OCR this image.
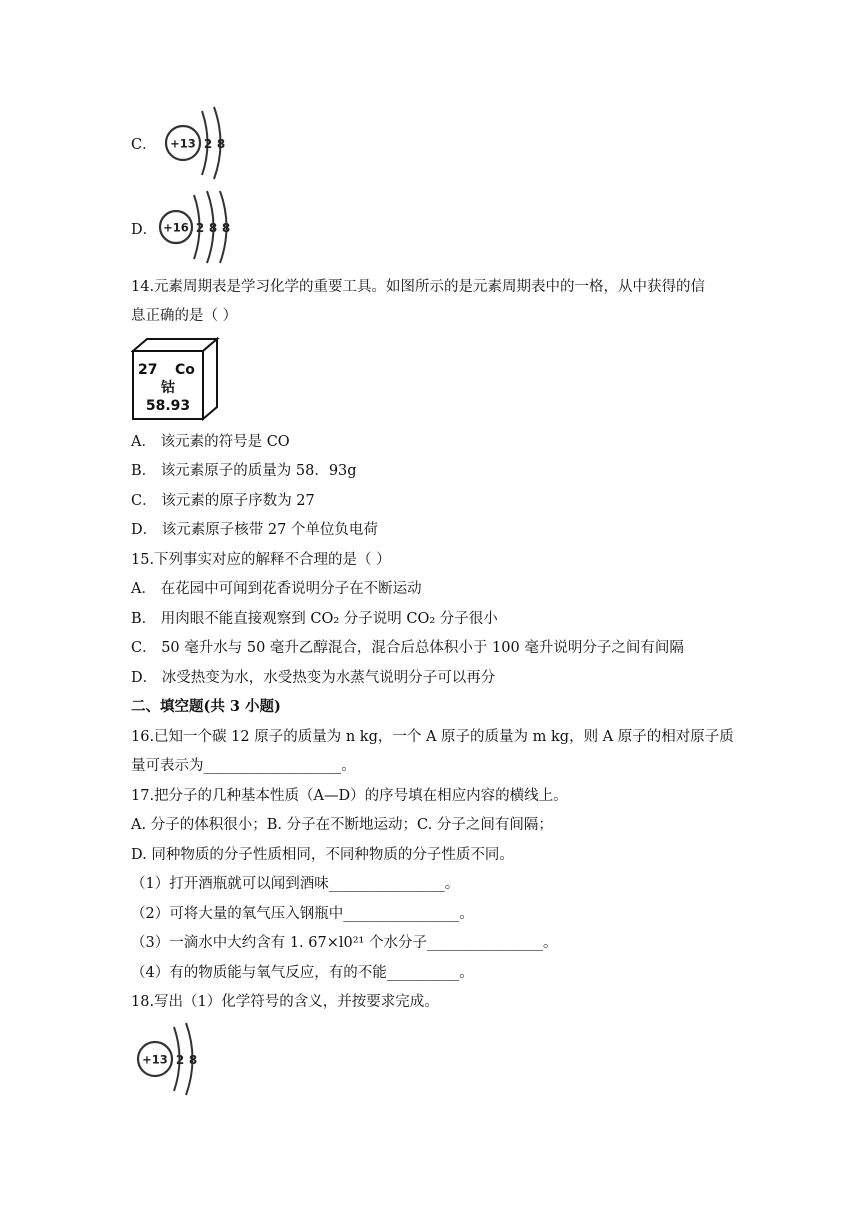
C． +13 2 8
D． +16 2 8 8
14.元素周期表是学习化学的重要工具。如图所示的是元素周期表中的一格，从中获得的信
息正确的是（ ）
27 Co
钴
58.93
A． 该元素的符号是 CO
B． 该元素原子的质量为 58．93g
C． 该元素的原子序数为 27
D． 该元素原子核带 27 个单位负电荷
15.下列事实对应的解释不合理的是（ ）
A． 在花园中可闻到花香说明分子在不断运动
B． 用肉眼不能直接观察到 CO₂ 分子说明 CO₂ 分子很小
C． 50 毫升水与 50 毫升乙醇混合，混合后总体积小于 100 毫升说明分子之间有间隔
D． 冰受热变为水，水受热变为水蒸气说明分子可以再分
二、填空题(共 3 小题)
16.已知一个碳 12 原子的质量为 n kg，一个 A 原子的质量为 m kg，则 A 原子的相对原子质
量可表示为___________________。
17.把分子的几种基本性质（A—D）的序号填在相应内容的横线上。
A. 分子的体积很小；B. 分子在不断地运动；C. 分子之间有间隔；
D. 同种物质的分子性质相同，不同种物质的分子性质不同。
（1）打开酒瓶就可以闻到酒味________________。
（2）可将大量的氧气压入钢瓶中________________。
（3）一滴水中大约含有 1. 67×l0²¹ 个水分子________________。
（4）有的物质能与氧气反应，有的不能__________。
18.写出（1）化学符号的含义，并按要求完成。
+13 2 8
